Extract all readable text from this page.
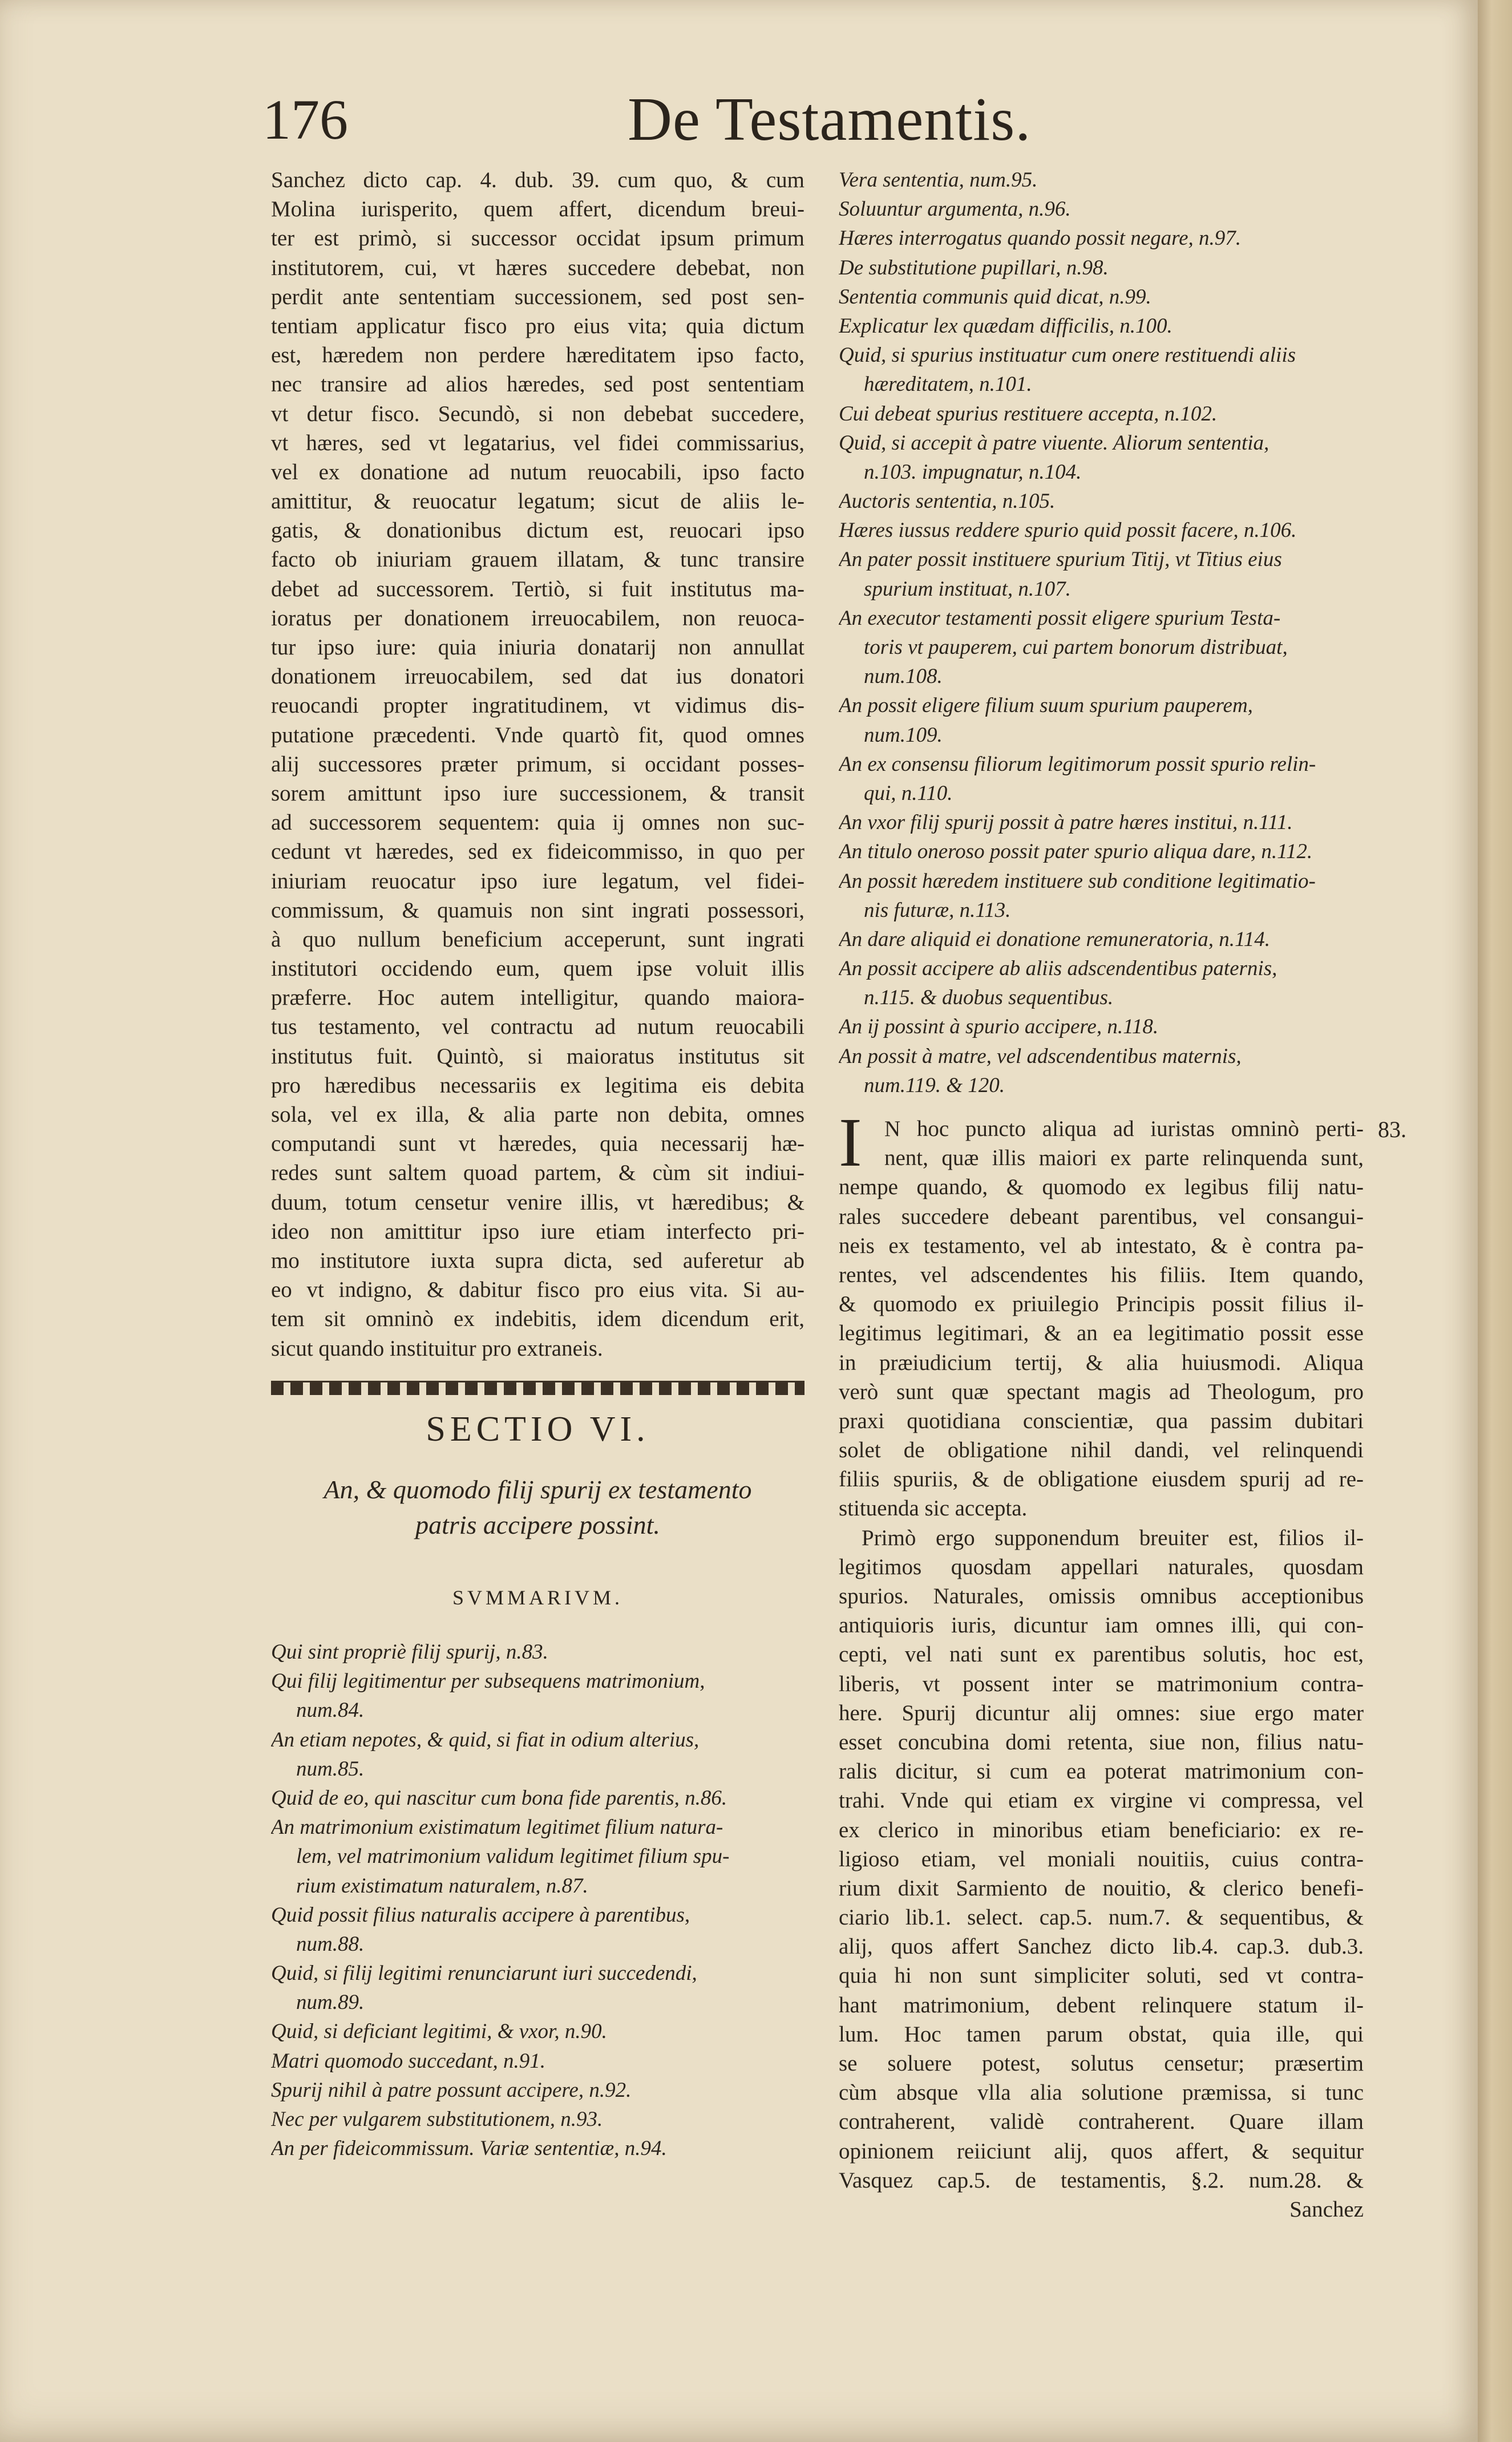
176	De Testamentis.
Sanchez dicto cap. 4. dub. 39. cum quo, & cum
Molina iurisperito, quem affert, dicendum breui-
ter est primò, si successor occidat ipsum primum
institutorem, cui, vt hæres succedere debebat, non
perdit ante sententiam successionem, sed post sen-
tentiam applicatur fisco pro eius vita; quia dictum
est, hæredem non perdere hæreditatem ipso facto,
nec transire ad alios hæredes, sed post sententiam
vt detur fisco. Secundò, si non debebat succedere,
vt hæres, sed vt legatarius, vel fidei commissarius,
vel ex donatione ad nutum reuocabili, ipso facto
amittitur, & reuocatur legatum; sicut de aliis le-
gatis, & donationibus dictum est, reuocari ipso
facto ob iniuriam grauem illatam, & tunc transire
debet ad successorem. Tertiò, si fuit institutus ma-
ioratus per donationem irreuocabilem, non reuoca-
tur ipso iure: quia iniuria donatarij non annullat
donationem irreuocabilem, sed dat ius donatori
reuocandi propter ingratitudinem, vt vidimus dis-
putatione præcedenti. Vnde quartò fit, quod omnes
alij successores præter primum, si occidant posses-
sorem amittunt ipso iure successionem, & transit
ad successorem sequentem: quia ij omnes non suc-
cedunt vt hæredes, sed ex fideicommisso, in quo per
iniuriam reuocatur ipso iure legatum, vel fidei-
commissum, & quamuis non sint ingrati possessori,
à quo nullum beneficium acceperunt, sunt ingrati
institutori occidendo eum, quem ipse voluit illis
præferre. Hoc autem intelligitur, quando maiora-
tus testamento, vel contractu ad nutum reuocabili
institutus fuit. Quintò, si maioratus institutus sit
pro hæredibus necessariis ex legitima eis debita
sola, vel ex illa, & alia parte non debita, omnes
computandi sunt vt hæredes, quia necessarij hæ-
redes sunt saltem quoad partem, & cùm sit indiui-
duum, totum censetur venire illis, vt hæredibus; &
ideo non amittitur ipso iure etiam interfecto pri-
mo institutore iuxta supra dicta, sed auferetur ab
eo vt indigno, & dabitur fisco pro eius vita. Si au-
tem sit omninò ex indebitis, idem dicendum erit,
sicut quando instituitur pro extraneis.
SECTIO VI.
An, & quomodo filij spurij ex testamento
patris accipere possint.
SVMMARIVM.
Qui sint propriè filij spurij, n.83.
Qui filij legitimentur per subsequens matrimonium,
num.84.
An etiam nepotes, & quid, si fiat in odium alterius,
num.85.
Quid de eo, qui nascitur cum bona fide parentis, n.86.
An matrimonium existimatum legitimet filium natura-
lem, vel matrimonium validum legitimet filium spu-
rium existimatum naturalem, n.87.
Quid possit filius naturalis accipere à parentibus,
num.88.
Quid, si filij legitimi renunciarunt iuri succedendi,
num.89.
Quid, si deficiant legitimi, & vxor, n.90.
Matri quomodo succedant, n.91.
Spurij nihil à patre possunt accipere, n.92.
Nec per vulgarem substitutionem, n.93.
An per fideicommissum. Variæ sententiæ, n.94.
Vera sententia, num.95.
Soluuntur argumenta, n.96.
Hæres interrogatus quando possit negare, n.97.
De substitutione pupillari, n.98.
Sententia communis quid dicat, n.99.
Explicatur lex quædam difficilis, n.100.
Quid, si spurius instituatur cum onere restituendi aliis
hæreditatem, n.101.
Cui debeat spurius restituere accepta, n.102.
Quid, si accepit à patre viuente. Aliorum sententia,
n.103. impugnatur, n.104.
Auctoris sententia, n.105.
Hæres iussus reddere spurio quid possit facere, n.106.
An pater possit instituere spurium Titij, vt Titius eius
spurium instituat, n.107.
An executor testamenti possit eligere spurium Testa-
toris vt pauperem, cui partem bonorum distribuat,
num.108.
An possit eligere filium suum spurium pauperem,
num.109.
An ex consensu filiorum legitimorum possit spurio relin-
qui, n.110.
An vxor filij spurij possit à patre hæres institui, n.111.
An titulo oneroso possit pater spurio aliqua dare, n.112.
An possit hæredem instituere sub conditione legitimatio-
nis futuræ, n.113.
An dare aliquid ei donatione remuneratoria, n.114.
An possit accipere ab aliis adscendentibus paternis,
n.115. & duobus sequentibus.
An ij possint à spurio accipere, n.118.
An possit à matre, vel adscendentibus maternis,
num.119. & 120.
83.
I	N hoc puncto aliqua ad iuristas omninò perti-
nent, quæ illis maiori ex parte relinquenda sunt,
nempe quando, & quomodo ex legibus filij natu-
rales succedere debeant parentibus, vel consangui-
neis ex testamento, vel ab intestato, & è contra pa-
rentes, vel adscendentes his filiis. Item quando,
& quomodo ex priuilegio Principis possit filius il-
legitimus legitimari, & an ea legitimatio possit esse
in præiudicium tertij, & alia huiusmodi. Aliqua
verò sunt quæ spectant magis ad Theologum, pro
praxi quotidiana conscientiæ, qua passim dubitari
solet de obligatione nihil dandi, vel relinquendi
filiis spuriis, & de obligatione eiusdem spurij ad re-
stituenda sic accepta.
Primò ergo supponendum breuiter est, filios il-
legitimos quosdam appellari naturales, quosdam
spurios. Naturales, omissis omnibus acceptionibus
antiquioris iuris, dicuntur iam omnes illi, qui con-
cepti, vel nati sunt ex parentibus solutis, hoc est,
liberis, vt possent inter se matrimonium contra-
here. Spurij dicuntur alij omnes: siue ergo mater
esset concubina domi retenta, siue non, filius natu-
ralis dicitur, si cum ea poterat matrimonium con-
trahi. Vnde qui etiam ex virgine vi compressa, vel
ex clerico in minoribus etiam beneficiario: ex re-
ligioso etiam, vel moniali nouitiis, cuius contra-
rium dixit Sarmiento de nouitio, & clerico benefi-
ciario lib.1. select. cap.5. num.7. & sequentibus, &
alij, quos affert Sanchez dicto lib.4. cap.3. dub.3.
quia hi non sunt simpliciter soluti, sed vt contra-
hant matrimonium, debent relinquere statum il-
lum. Hoc tamen parum obstat, quia ille, qui
se soluere potest, solutus censetur; præsertim
cùm absque vlla alia solutione præmissa, si tunc
contraherent, validè contraherent. Quare illam
opinionem reiiciunt alij, quos affert, & sequitur
Vasquez cap.5. de testamentis, §.2. num.28. &
Sanchez
